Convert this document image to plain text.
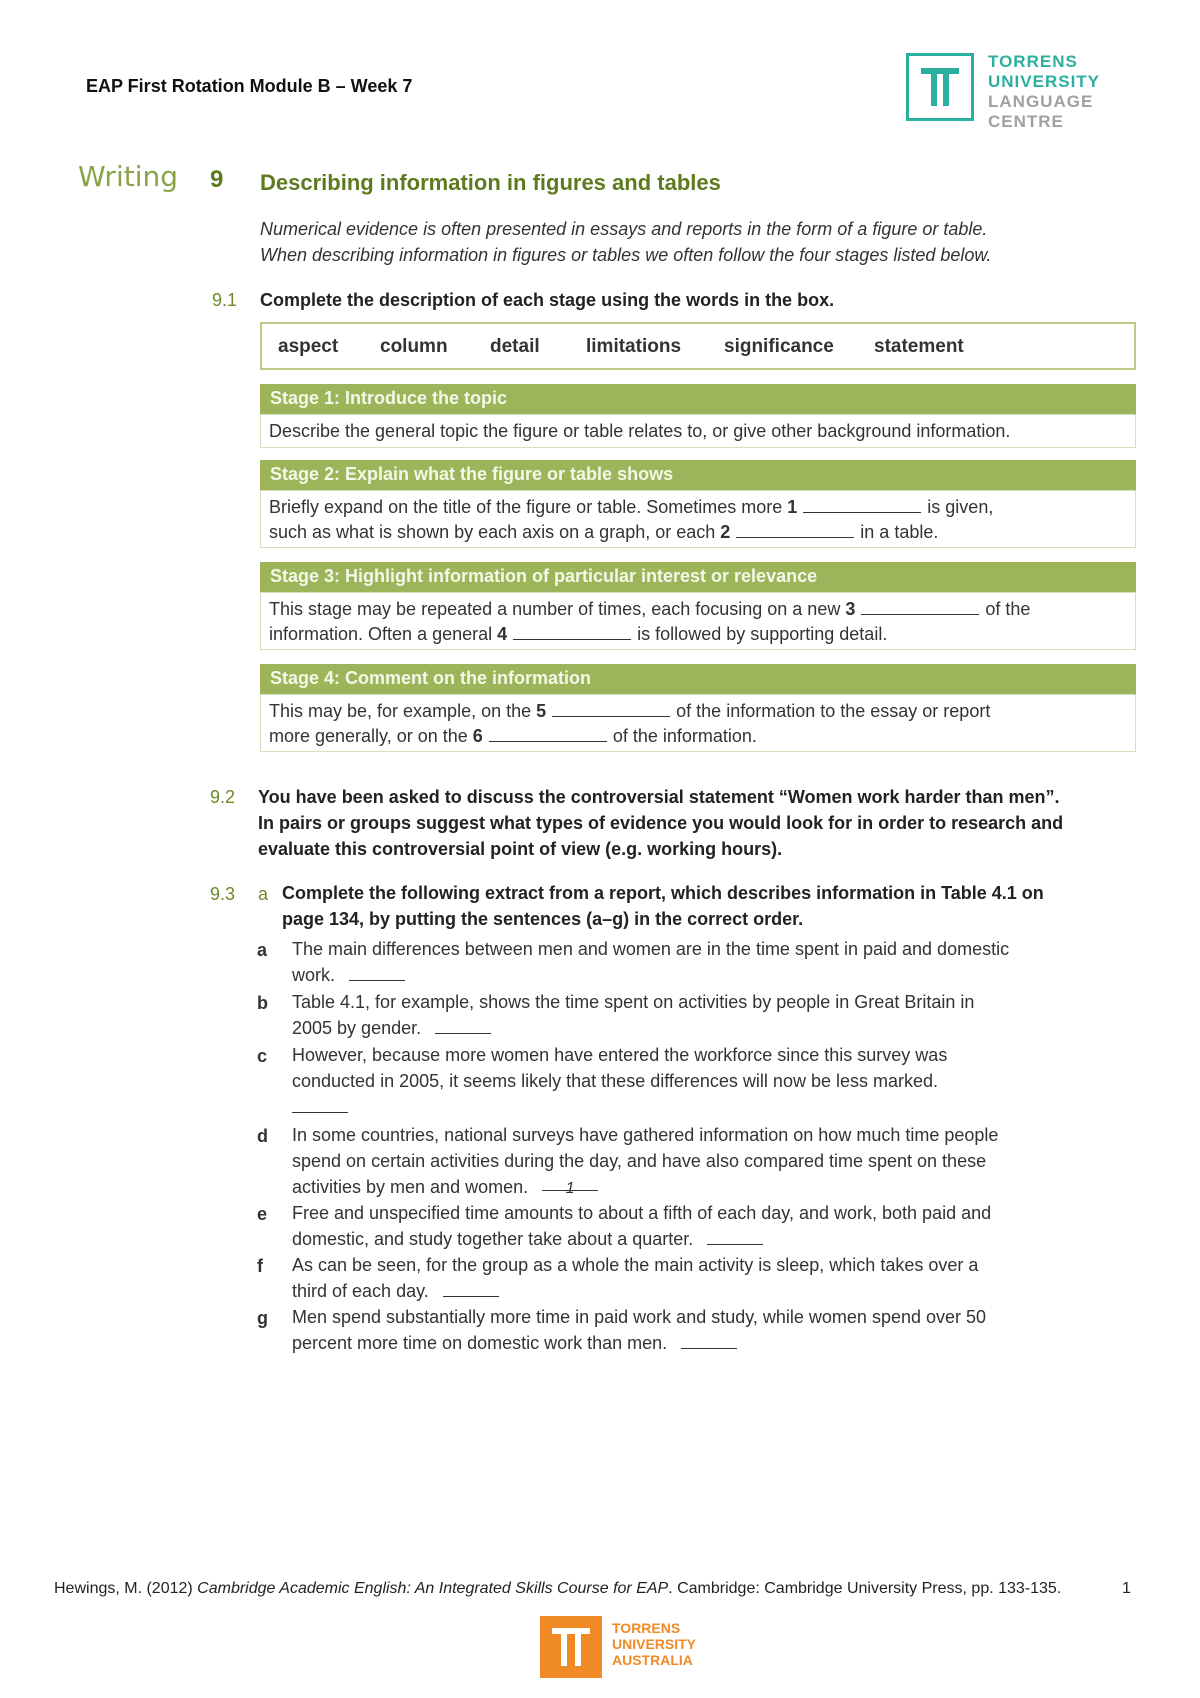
EAP First Rotation Module B – Week 7
TORRENS
UNIVERSITY
LANGUAGE
CENTRE
Writing 9 Describing information in figures and tables
Numerical evidence is often presented in essays and reports in the form of a figure or table.
When describing information in figures or tables we often follow the four stages listed below.
9.1 Complete the description of each stage using the words in the box.
aspect column detail limitations significance statement
Stage 1: Introduce the topic
Describe the general topic the figure or table relates to, or give other background information.
Stage 2: Explain what the figure or table shows
Briefly expand on the title of the figure or table. Sometimes more 1	is given,
such as what is shown by each axis on a graph, or each 2	in a table.
Stage 3: Highlight information of particular interest or relevance
This stage may be repeated a number of times, each focusing on a new 3	of the
information. Often a general 4	is followed by supporting detail.
Stage 4: Comment on the information
This may be, for example, on the 5	of the information to the essay or report
more generally, or on the 6	of the information.
9.2 You have been asked to discuss the controversial statement “Women work harder than men”.
In pairs or groups suggest what types of evidence you would look for in order to research and
evaluate this controversial point of view (e.g. working hours).
9.3 a Complete the following extract from a report, which describes information in Table 4.1 on
page 134, by putting the sentences (a–g) in the correct order.
a The main differences between men and women are in the time spent in paid and domestic
work.
b Table 4.1, for example, shows the time spent on activities by people in Great Britain in
2005 by gender.
c However, because more women have entered the workforce since this survey was
conducted in 2005, it seems likely that these differences will now be less marked.
d In some countries, national surveys have gathered information on how much time people
spend on certain activities during the day, and have also compared time spent on these
activities by men and women. 1
e Free and unspecified time amounts to about a fifth of each day, and work, both paid and
domestic, and study together take about a quarter.
f As can be seen, for the group as a whole the main activity is sleep, which takes over a
third of each day.
g Men spend substantially more time in paid work and study, while women spend over 50
percent more time on domestic work than men.
Hewings, M. (2012) Cambridge Academic English: An Integrated Skills Course for EAP. Cambridge: Cambridge University Press, pp. 133-135.	1
TORRENS
UNIVERSITY
AUSTRALIA
